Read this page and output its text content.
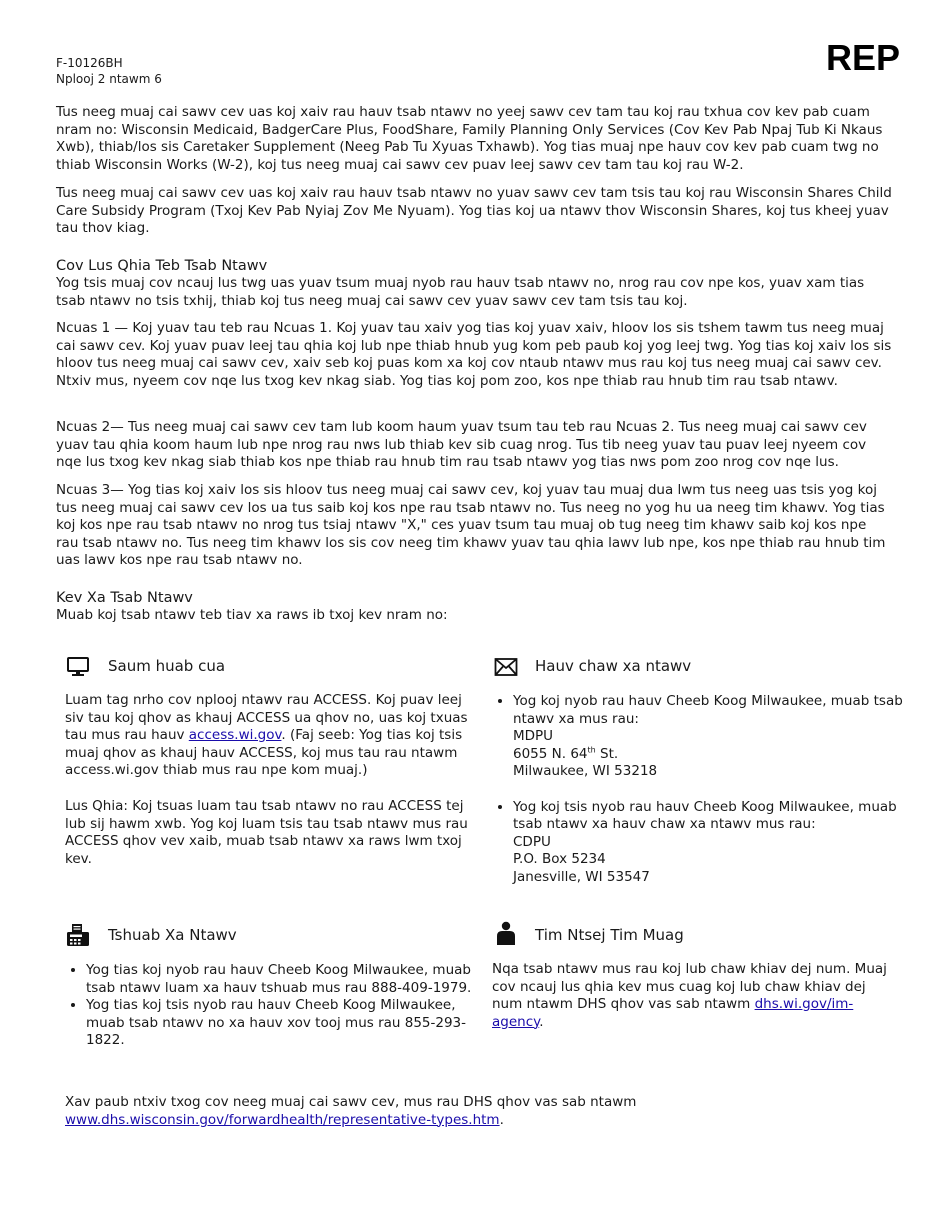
F-10126BH
Nplooj 2 ntawm 6
REP

Tus neeg muaj cai sawv cev uas koj xaiv rau hauv tsab ntawv no yeej sawv cev tam tau koj rau txhua cov kev pab cuam nram no: Wisconsin Medicaid, BadgerCare Plus, FoodShare, Family Planning Only Services (Cov Kev Pab Npaj Tub Ki Nkaus Xwb), thiab/los sis Caretaker Supplement (Neeg Pab Tu Xyuas Txhawb). Yog tias muaj npe hauv cov kev pab cuam twg no thiab Wisconsin Works (W-2), koj tus neeg muaj cai sawv cev puav leej sawv cev tam tau koj rau W-2.

Tus neeg muaj cai sawv cev uas koj xaiv rau hauv tsab ntawv no yuav sawv cev tam tsis tau koj rau Wisconsin Shares Child Care Subsidy Program (Txoj Kev Pab Nyiaj Zov Me Nyuam). Yog tias koj ua ntawv thov Wisconsin Shares, koj tus kheej yuav tau thov kiag.

Cov Lus Qhia Teb Tsab Ntawv

Yog tsis muaj cov ncauj lus twg uas yuav tsum muaj nyob rau hauv tsab ntawv no, nrog rau cov npe kos, yuav xam tias tsab ntawv no tsis txhij, thiab koj tus neeg muaj cai sawv cev yuav sawv cev tam tsis tau koj.

Ncuas 1 — Koj yuav tau teb rau Ncuas 1. Koj yuav tau xaiv yog tias koj yuav xaiv, hloov los sis tshem tawm tus neeg muaj cai sawv cev. Koj yuav puav leej tau qhia koj lub npe thiab hnub yug kom peb paub koj yog leej twg. Yog tias koj xaiv los sis hloov tus neeg muaj cai sawv cev, xaiv seb koj puas kom xa koj cov ntaub ntawv mus rau koj tus neeg muaj cai sawv cev. Ntxiv mus, nyeem cov nqe lus txog kev nkag siab. Yog tias koj pom zoo, kos npe thiab rau hnub tim rau tsab ntawv.

Ncuas 2— Tus neeg muaj cai sawv cev tam lub koom haum yuav tsum tau teb rau Ncuas 2. Tus neeg muaj cai sawv cev yuav tau qhia koom haum lub npe nrog rau nws lub thiab kev sib cuag nrog. Tus tib neeg yuav tau puav leej nyeem cov nqe lus txog kev nkag siab thiab kos npe thiab rau hnub tim rau tsab ntawv yog tias nws pom zoo nrog cov nqe lus.

Ncuas 3— Yog tias koj xaiv los sis hloov tus neeg muaj cai sawv cev, koj yuav tau muaj dua lwm tus neeg uas tsis yog koj tus neeg muaj cai sawv cev los ua tus saib koj kos npe rau tsab ntawv no. Tus neeg no yog hu ua neeg tim khawv. Yog tias koj kos npe rau tsab ntawv no nrog tus tsiaj ntawv "X," ces yuav tsum tau muaj ob tug neeg tim khawv saib koj kos npe rau tsab ntawv no. Tus neeg tim khawv los sis cov neeg tim khawv yuav tau qhia lawv lub npe, kos npe thiab rau hnub tim uas lawv kos npe rau tsab ntawv no.

Kev Xa Tsab Ntawv

Muab koj tsab ntawv teb tiav xa raws ib txoj kev nram no:

Saum huab cua

Luam tag nrho cov nplooj ntawv rau ACCESS. Koj puav leej siv tau koj qhov as khauj ACCESS ua qhov no, uas koj txuas tau mus rau hauv access.wi.gov. (Faj seeb: Yog tias koj tsis muaj qhov as khauj hauv ACCESS, koj mus tau rau ntawm access.wi.gov thiab mus rau npe kom muaj.)

Lus Qhia: Koj tsuas luam tau tsab ntawv no rau ACCESS tej lub sij hawm xwb. Yog koj luam tsis tau tsab ntawv mus rau ACCESS qhov vev xaib, muab tsab ntawv xa raws lwm txoj kev.

Hauv chaw xa ntawv
• Yog koj nyob rau hauv Cheeb Koog Milwaukee, muab tsab ntawv xa mus rau:
MDPU
6055 N. 64th St.
Milwaukee, WI 53218
• Yog koj tsis nyob rau hauv Cheeb Koog Milwaukee, muab tsab ntawv xa hauv chaw xa ntawv mus rau:
CDPU
P.O. Box 5234
Janesville, WI 53547
Tshuab Xa Ntawv
• Yog tias koj nyob rau hauv Cheeb Koog Milwaukee, muab tsab ntawv luam xa hauv tshuab mus rau 888-409-1979.
• Yog tias koj tsis nyob rau hauv Cheeb Koog Milwaukee, muab tsab ntawv no xa hauv xov tooj mus rau 855-293-1822.
Tim Ntsej Tim Muag

Nqa tsab ntawv mus rau koj lub chaw khiav dej num. Muaj cov ncauj lus qhia kev mus cuag koj lub chaw khiav dej num ntawm DHS qhov vas sab ntawm dhs.wi.gov/im-agency.

Xav paub ntxiv txog cov neeg muaj cai sawv cev, mus rau DHS qhov vas sab ntawm
www.dhs.wisconsin.gov/forwardhealth/representative-types.htm.
